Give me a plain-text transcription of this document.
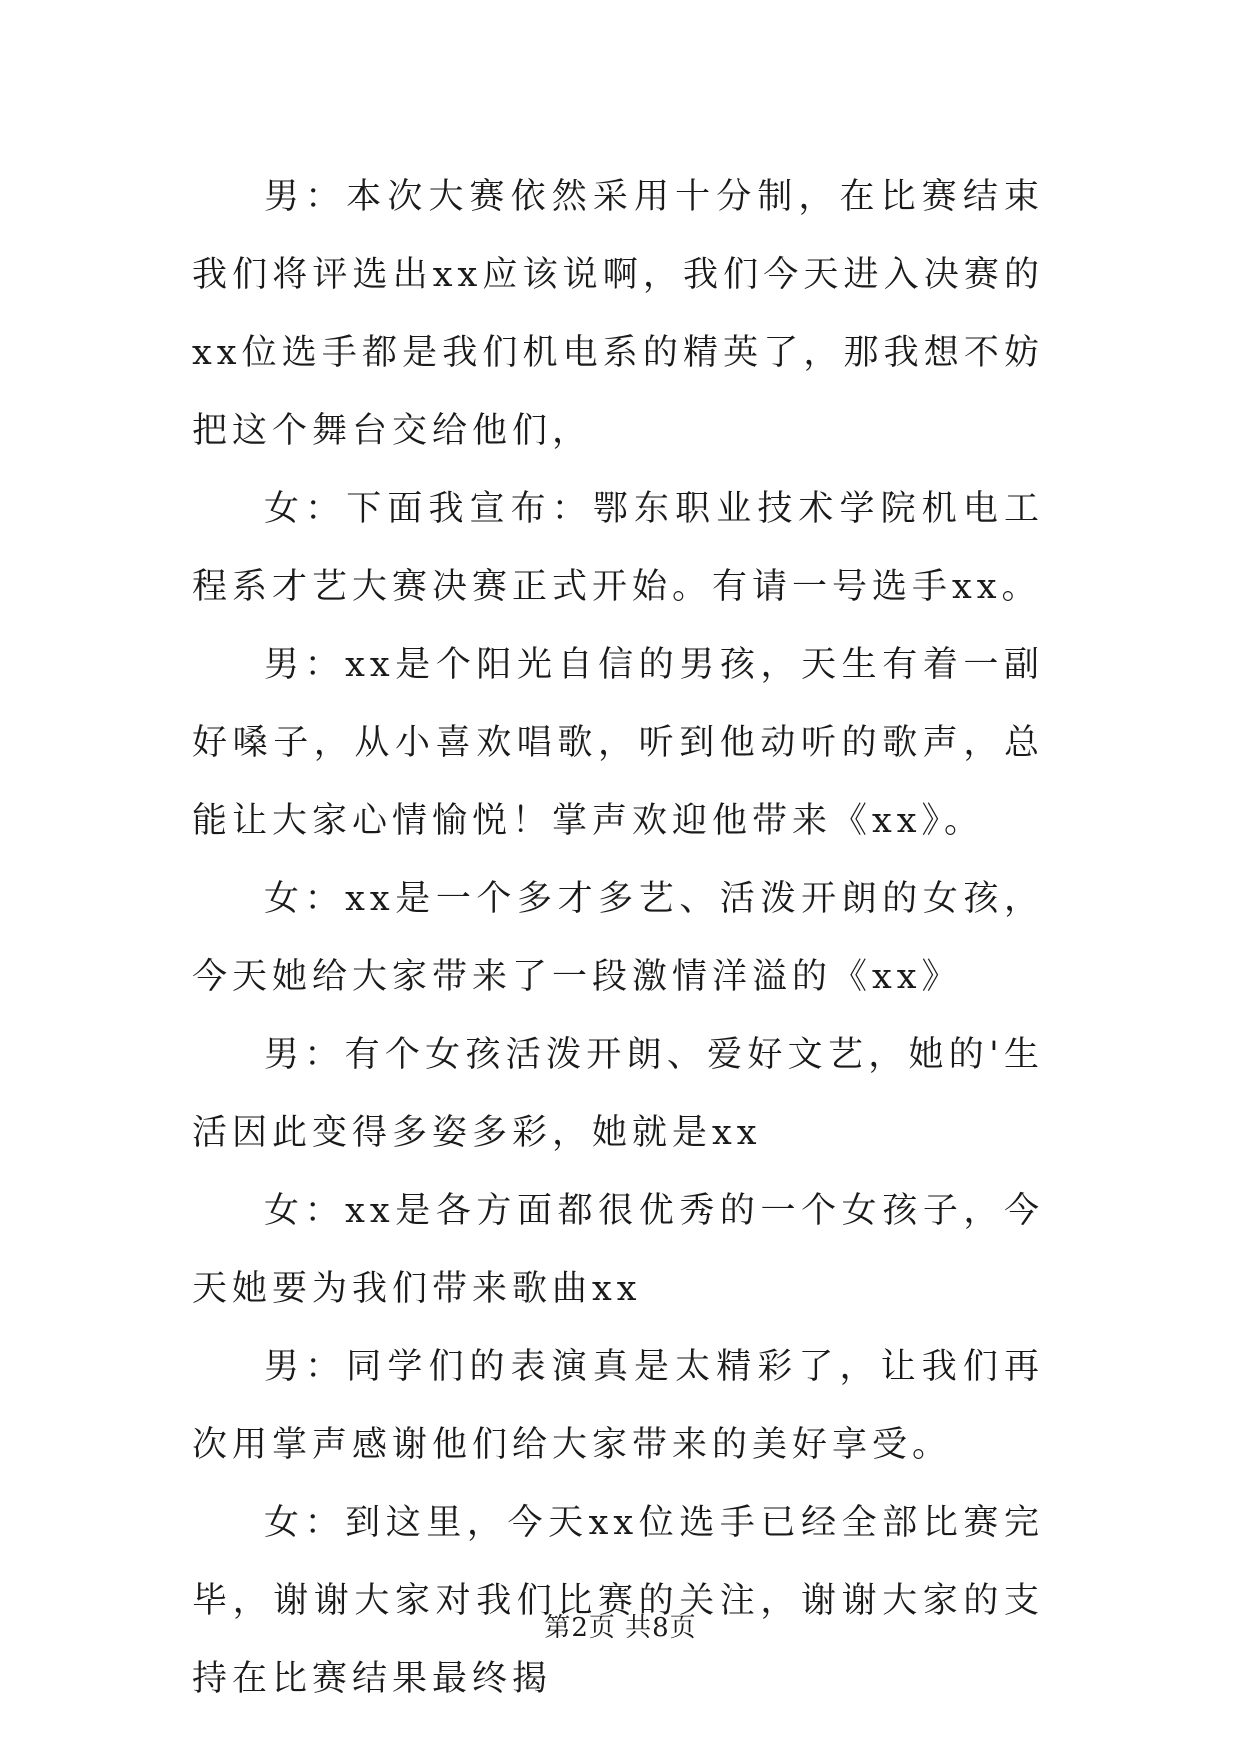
男：本次大赛依然采用十分制，在比赛结束我们将评选出xx应该说啊，我们今天进入决赛的xx位选手都是我们机电系的精英了，那我想不妨把这个舞台交给他们，

女：下面我宣布：鄂东职业技术学院机电工程系才艺大赛决赛正式开始。有请一号选手xx。

男：xx是个阳光自信的男孩，天生有着一副好嗓子，从小喜欢唱歌，听到他动听的歌声，总能让大家心情愉悦！掌声欢迎他带来《xx》。

女：xx是一个多才多艺、活泼开朗的女孩，今天她给大家带来了一段激情洋溢的《xx》

男：有个女孩活泼开朗、爱好文艺，她的'生活因此变得多姿多彩，她就是xx

女：xx是各方面都很优秀的一个女孩子，今天她要为我们带来歌曲xx

男：同学们的表演真是太精彩了，让我们再次用掌声感谢他们给大家带来的美好享受。

女：到这里，今天xx位选手已经全部比赛完毕，谢谢大家对我们比赛的关注，谢谢大家的支持在比赛结果最终揭

第2页 共8页
